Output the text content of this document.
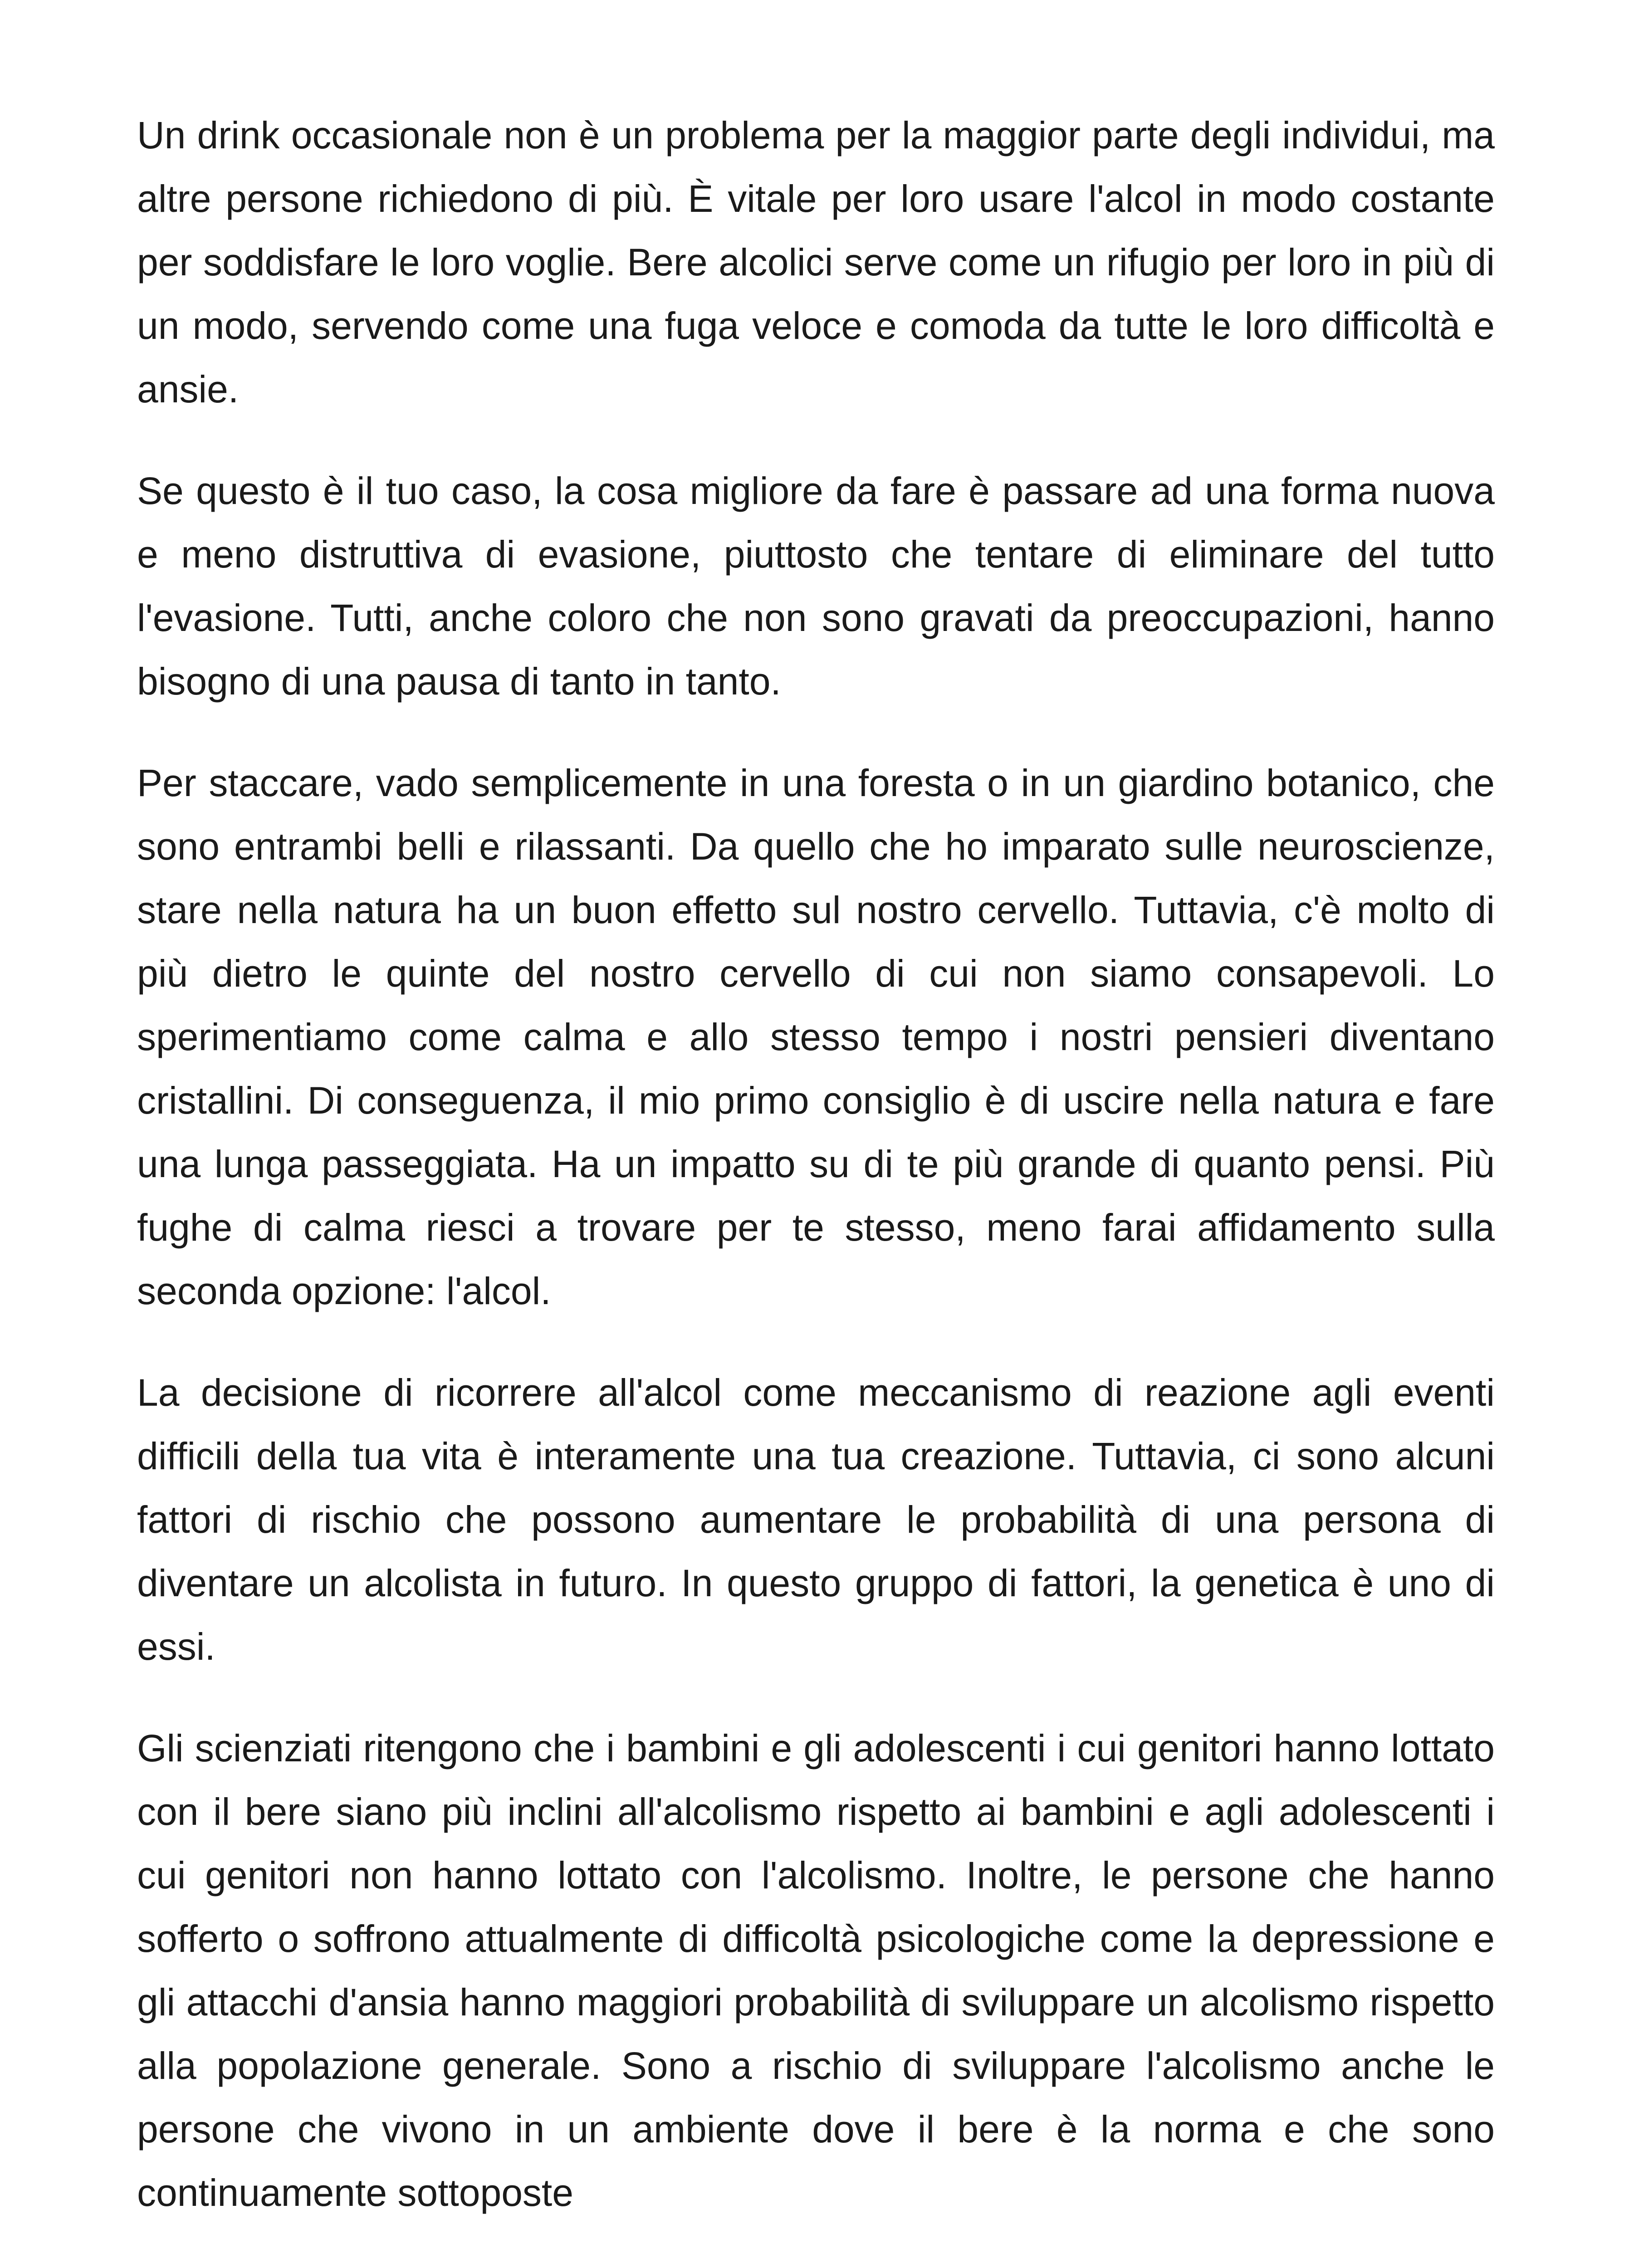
Un drink occasionale non è un problema per la maggior parte degli individui, ma altre persone richiedono di più. È vitale per loro usare l'alcol in modo costante per soddisfare le loro voglie. Bere alcolici serve come un rifugio per loro in più di un modo, servendo come una fuga veloce e comoda da tutte le loro difficoltà e ansie.

Se questo è il tuo caso, la cosa migliore da fare è passare ad una forma nuova e meno distruttiva di evasione, piuttosto che tentare di eliminare del tutto l'evasione. Tutti, anche coloro che non sono gravati da preoccupazioni, hanno bisogno di una pausa di tanto in tanto.

Per staccare, vado semplicemente in una foresta o in un giardino botanico, che sono entrambi belli e rilassanti. Da quello che ho imparato sulle neuroscienze, stare nella natura ha un buon effetto sul nostro cervello. Tuttavia, c'è molto di più dietro le quinte del nostro cervello di cui non siamo consapevoli. Lo sperimentiamo come calma e allo stesso tempo i nostri pensieri diventano cristallini. Di conseguenza, il mio primo consiglio è di uscire nella natura e fare una lunga passeggiata. Ha un impatto su di te più grande di quanto pensi. Più fughe di calma riesci a trovare per te stesso, meno farai affidamento sulla seconda opzione: l'alcol.

La decisione di ricorrere all'alcol come meccanismo di reazione agli eventi difficili della tua vita è interamente una tua creazione. Tuttavia, ci sono alcuni fattori di rischio che possono aumentare le probabilità di una persona di diventare un alcolista in futuro. In questo gruppo di fattori, la genetica è uno di essi.

Gli scienziati ritengono che i bambini e gli adolescenti i cui genitori hanno lottato con il bere siano più inclini all'alcolismo rispetto ai bambini e agli adolescenti i cui genitori non hanno lottato con l'alcolismo. Inoltre, le persone che hanno sofferto o soffrono attualmente di difficoltà psicologiche come la depressione e gli attacchi d'ansia hanno maggiori probabilità di sviluppare un alcolismo rispetto alla popolazione generale. Sono a rischio di sviluppare l'alcolismo anche le persone che vivono in un ambiente dove il bere è la norma e che sono continuamente sottoposte
